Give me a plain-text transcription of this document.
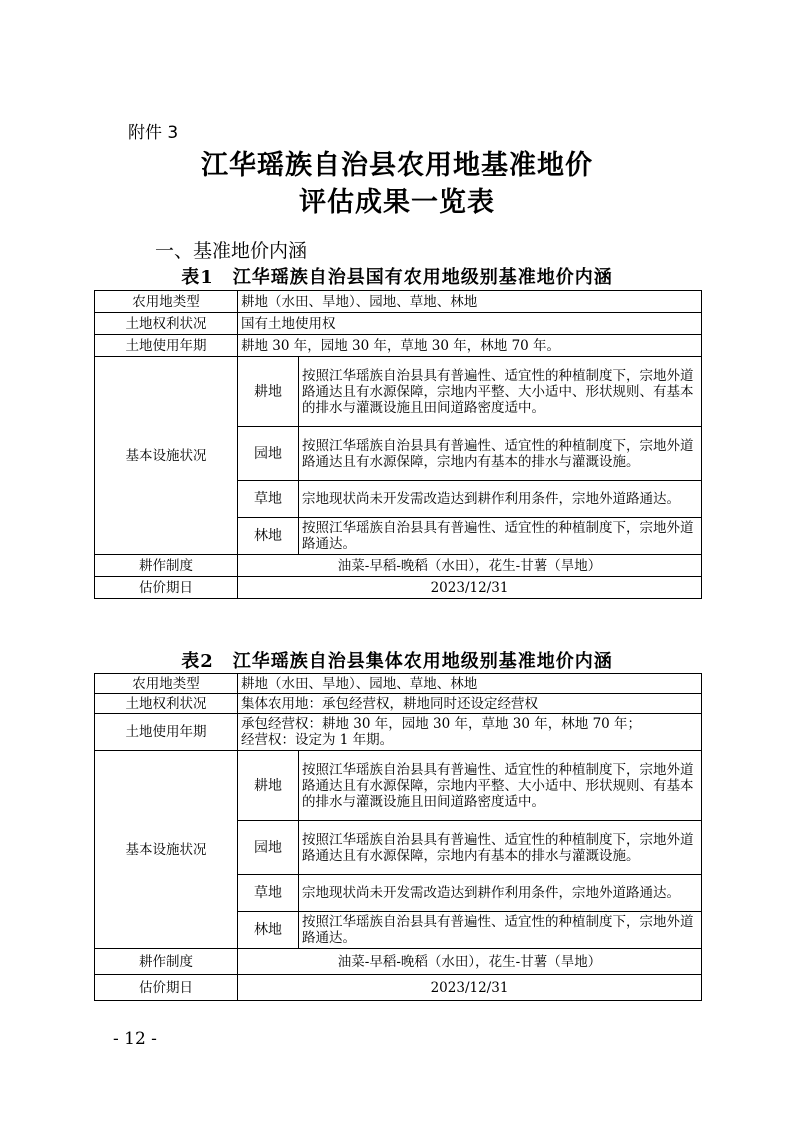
附件 3
江华瑶族自治县农用地基准地价
评估成果一览表
一、基准地价内涵
表1　江华瑶族自治县国有农用地级别基准地价内涵
农用地类型	耕地（水田、旱地）、园地、草地、林地	
土地权利状况	国有土地使用权	
土地使用年期	耕地 30 年，园地 30 年，草地 30 年，林地 70 年。	
基本设施状况	耕地	按照江华瑶族自治县具有普遍性、适宜性的种植制度下，宗地外道路通达且有水源保障，宗地内平整、大小适中、形状规则、有基本的排水与灌溉设施且田间道路密度适中。
	园地	按照江华瑶族自治县具有普遍性、适宜性的种植制度下，宗地外道路通达且有水源保障，宗地内有基本的排水与灌溉设施。
	草地	宗地现状尚未开发需改造达到耕作利用条件，宗地外道路通达。
	林地	按照江华瑶族自治县具有普遍性、适宜性的种植制度下，宗地外道路通达。
耕作制度	油菜-早稻-晚稻（水田），花生-甘薯（旱地）	
估价期日	2023/12/31	
表2　江华瑶族自治县集体农用地级别基准地价内涵
农用地类型	耕地（水田、旱地）、园地、草地、林地	
土地权利状况	集体农用地：承包经营权，耕地同时还设定经营权	
土地使用年期	承包经营权：耕地 30 年，园地 30 年，草地 30 年，林地 70 年；
经营权：设定为 1 年期。	
基本设施状况	耕地	按照江华瑶族自治县具有普遍性、适宜性的种植制度下，宗地外道路通达且有水源保障，宗地内平整、大小适中、形状规则、有基本的排水与灌溉设施且田间道路密度适中。
	园地	按照江华瑶族自治县具有普遍性、适宜性的种植制度下，宗地外道路通达且有水源保障，宗地内有基本的排水与灌溉设施。
	草地	宗地现状尚未开发需改造达到耕作利用条件，宗地外道路通达。
	林地	按照江华瑶族自治县具有普遍性、适宜性的种植制度下，宗地外道路通达。
耕作制度	油菜-早稻-晚稻（水田），花生-甘薯（旱地）	
估价期日	2023/12/31	
- 12 -
